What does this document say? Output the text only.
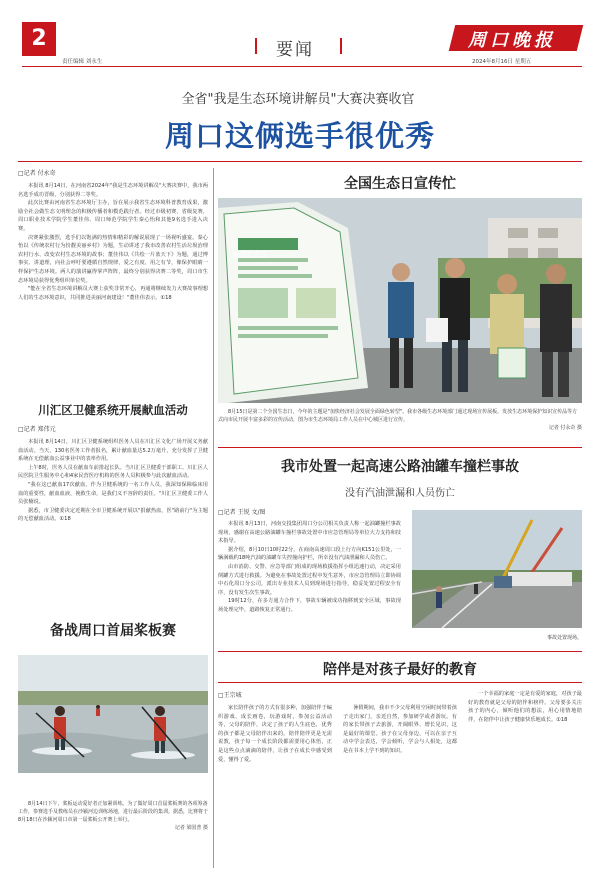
2
责任编辑 刘永生
要闻	周口晚报
2024年8月16日 星期五
全省"我是生态环境讲解员"大赛决赛收官
周口这俩选手很优秀
□记者 付永奇
本报讯 8月14日，在河南省2024年"我是生态环境讲解员"大赛决赛中，我市两名选手成功晋级，分别获得二等奖。
此次比赛由河南省生态环境厅主办，旨在展示我省生态环境科普教育成果，激励全社会做生态文明理念的积极传播者和模范践行者。经过市级初赛、省级复赛，周口职业技术学院学生董佳伟、周口师范学院学生秦心怡和其他9名选手进入决赛。
决赛紧张激烈，选手们以饱满的热情和精彩的解说展现了一场视听盛宴。秦心怡以《传统农村行为扮靓美丽乡村》为题，生动讲述了我市改善农村生活垃圾治理农村行水、改变农村生态环境的故事；董佳伟以《共绘一片蓝天下》为题，通过博事实、讲道理，向社会呼吁要遵循自然规律，爱之有度、用之有节，像保护眼睛一样保护生态环境。两人的演讲赢得掌声阵阵，最终分别获得决赛二等奖，周口市生态环境局获得优秀组织单位奖。
"能在全省生态环境讲解员大赛上获奖非常开心，再通将继续发力大赛故事理想人们的生态环境意识，共同推进美丽河南建设！"董佳伟表示。①18
川汇区卫健系统开展献血活动
□记者 郑伟元
本报讯 8月14日，川汇区卫健系统组织医务人员在川汇区文化广场开展义务献血活动。当天，130名医务工作者报名，累计献血量达5.2万毫升，充分发挥了卫健系统在无偿献血公益事业中的表率作用。
上午8时，医务人员在献血车前排起长队。当川汇区卫健委干部职工、川汇区人民医院卫生服务中心和4家民营医疗机构的医务人员积极参与此次献血活动。
"我在这已献血17次献血，作为卫健系统的一名工作人员，我深知保障临床用血的重要性，献血血液，挽救生命，是我们义不容辞的责任。"川汇区卫健委工作人员张楠说。
据悉，市卫健委决定近期在全市卫健系统开展以"捐献热血，医"路前行"为主题的无偿献血活动。①18
备战周口首届桨板赛
8月14日下午，桨板运动爱好者正加紧训练。为了做好周口首届桨板赛的各项筹备工作，参赛选手及教练员在沙颍河边训练场地，进行最后阶段的集训。据悉，比赛将于8月18日在沙颍河周口市第一届桨板公开赛上举行。
记者 梁国普 摄
全国生态日宣传忙
全国生态日
8月15日是第二个全国生态日，今年的主题是"加快经济社会发展全面绿色转型"。我市各级生态环境部门通过现场宣传展板、发放生态环境保护知识宣传品等方式向市民开展丰富多彩的宣传活动，图为市生态环境局工作人员在中心城区进行宣传。
记者 付永奇 摄
我市处置一起高速公路油罐车撞栏事故
没有汽油泄漏和人员伤亡
□记者 王锐 文/图
本报讯 8月13日，河南交投集团周口分公司相关负责人称一起油罐撞栏事故现场，感谢在高速公路油罐车撞栏事故处置中市应急管理局等单位大力支持和技术指导。
据介绍，8月10日10时22分，在商南高速周口段上行方向K151公里处，一辆满载约18吨汽油的油罐车失控撞向护栏，所幸没有汽油泄漏和人员伤亡。
由市消防、交警、应急等部门组成的现场救援指挥小组迅速行动，决定采用倒罐方式进行救援。为避免在事故处置过程中发生意外，市应急管理局立即协调中石化周口分公司，派出专业技术人员到现场进行指导，稳妥处置过程安全有序，没有发生次生事故。
19时12分，在多方通力合作下，事故车辆被成功拖移到安全区域，事故现场处理完毕，道路恢复正常通行。
事故处置现场。
陪伴是对孩子最好的教育
□王宗城
家长陪伴孩子的方式有很多种，加强陪伴于编织游戏、成长画卷，玩游戏时，参加公益活动等，父母的陪伴，决定了孩子的人生底色，优秀的孩子都是父母陪伴出来的。陪伴陪伴更是无需说教，孩子每一个成长阶段都需要用心体悟，正是这些点点滴滴的陪伴，让孩子在成长中感受到爱，懂得了爱。
暑假期间，我市不少父母利用空闲时间带着孩子走出家门，亲近自然，参加研学或者游玩。有的家长带孩子去旅游，开阔眼界、增长见识，这是最好的课堂。孩子在父母身边，可以在亲子互动中学会表达，学会倾听，学会与人相处，这都是在书本上学不到的知识。
一个幸福的家庭一定是有爱的家庭，对孩子最好的教育就是父母的陪伴和榜样。父母要多关注孩子的内心，倾听他们的想法，用心用情地陪伴，在陪伴中让孩子健康快乐地成长。①18
